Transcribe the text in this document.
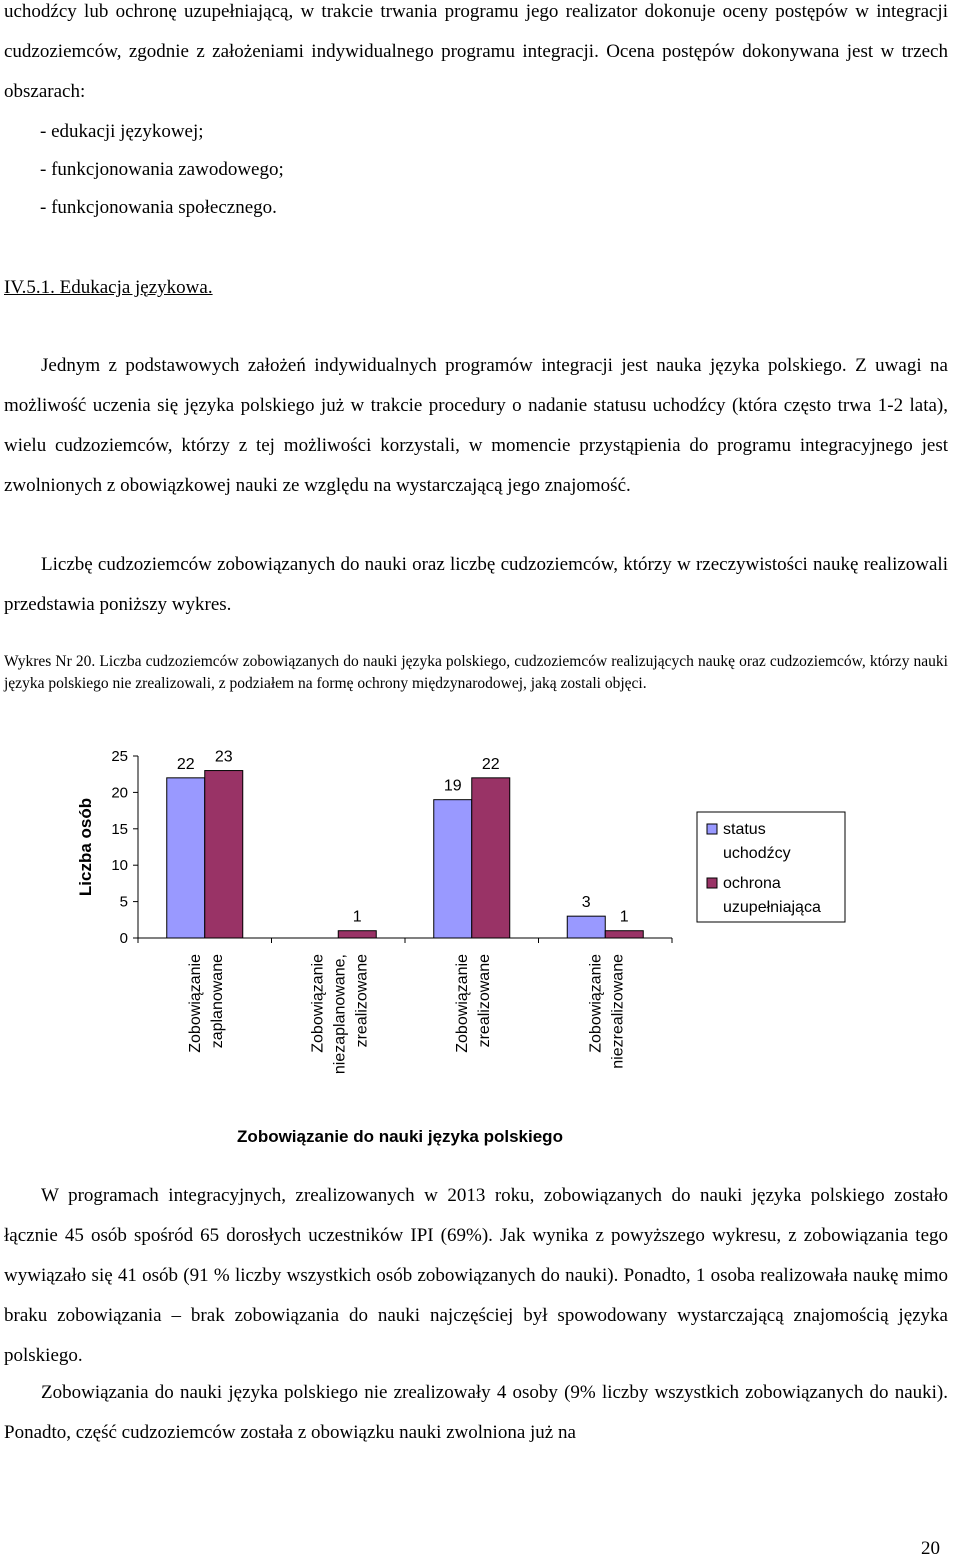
uchodźcy lub ochronę uzupełniającą, w trakcie trwania programu jego realizator dokonuje oceny postępów w integracji cudzoziemców, zgodnie z założeniami indywidualnego programu integracji. Ocena postępów dokonywana jest w trzech obszarach:

- edukacji językowej;
- funkcjonowania zawodowego;
- funkcjonowania społecznego.
IV.5.1. Edukacja językowa.

Jednym z podstawowych założeń indywidualnych programów integracji jest nauka języka polskiego. Z uwagi na możliwość uczenia się języka polskiego już w trakcie procedury o nadanie statusu uchodźcy (która często trwa 1-2 lata), wielu cudzoziemców, którzy z tej możliwości korzystali, w momencie przystąpienia do programu integracyjnego jest zwolnionych z obowiązkowej nauki ze względu na wystarczającą jego znajomość.

Liczbę cudzoziemców zobowiązanych do nauki oraz liczbę cudzoziemców, którzy w rzeczywistości naukę realizowali przedstawia poniższy wykres.

Wykres Nr 20. Liczba cudzoziemców zobowiązanych do nauki języka polskiego, cudzoziemców realizujących naukę oraz cudzoziemców, którzy nauki języka polskiego nie zrealizowali, z podziałem na formę ochrony międzynarodowej, jaką zostali objęci.

0
5
10
15
20
25
Liczba osób
22 23
Zobowiązanie zaplanowane
1
Zobowiązanie niezaplanowane, zrealizowane
19
22
Zobowiązanie zrealizowane
3
1
Zobowiązanie niezrealizowane
status
uchodźcy
ochrona
uzupełniająca
Zobowiązanie do nauki języka polskiego

W programach integracyjnych, zrealizowanych w 2013 roku, zobowiązanych do nauki języka polskiego zostało łącznie 45 osób spośród 65 dorosłych uczestników IPI (69%). Jak wynika z powyższego wykresu, z zobowiązania tego wywiązało się 41 osób (91 % liczby wszystkich osób zobowiązanych do nauki). Ponadto, 1 osoba realizowała naukę mimo braku zobowiązania – brak zobowiązania do nauki najczęściej był spowodowany wystarczającą znajomością języka polskiego.

Zobowiązania do nauki języka polskiego nie zrealizowały 4 osoby (9% liczby wszystkich zobowiązanych do nauki). Ponadto, część cudzoziemców została z obowiązku nauki zwolniona już na

20
